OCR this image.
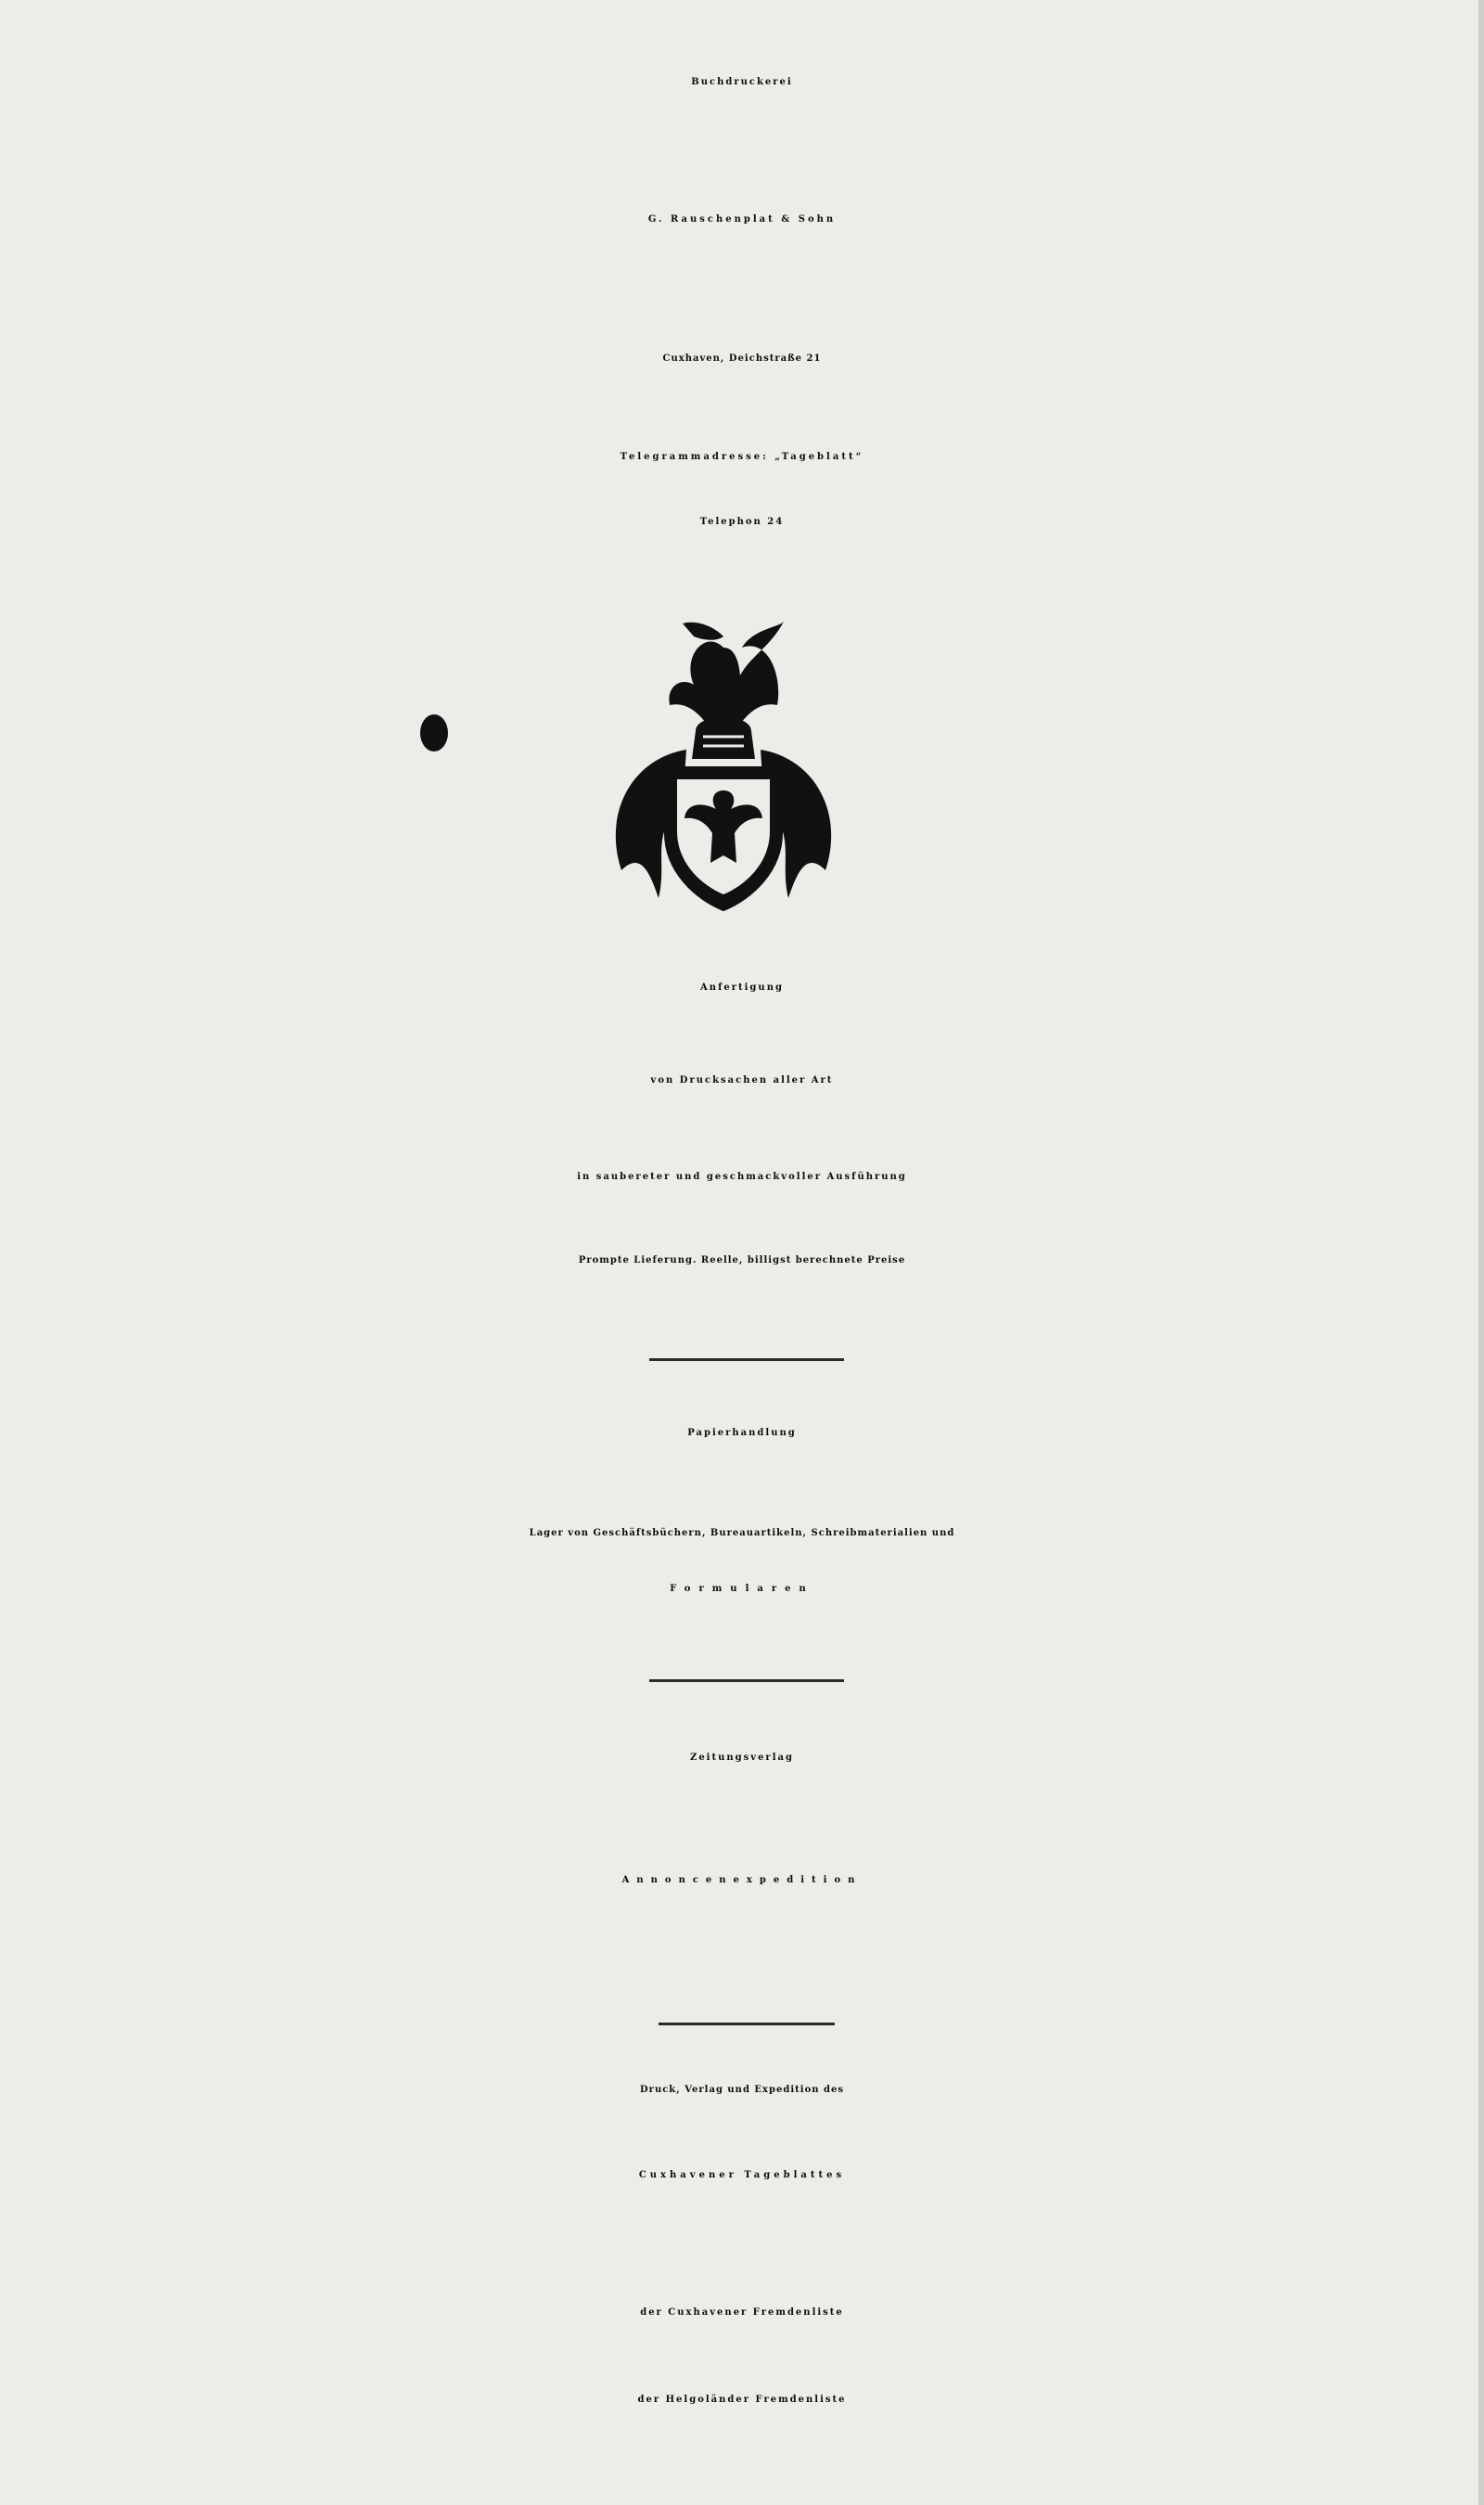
Buchdruckerei

G. Rauschenplat & Sohn

Cuxhaven, Deichstraße 21

Telegrammadresse: „Tageblatt“

Telephon 24

Anfertigung

von Drucksachen aller Art

in saubereter und geschmackvoller Ausführung

Prompte Lieferung. Reelle, billigst berechnete Preise

Papierhandlung

Lager von Geschäftsbüchern, Bureauartikeln, Schreibmaterialien und

Formularen

Zeitungsverlag

Annoncenexpedition

Druck, Verlag und Expedition des

Cuxhavener Tageblattes

der Cuxhavener Fremdenliste

der Helgoländer Fremdenliste
